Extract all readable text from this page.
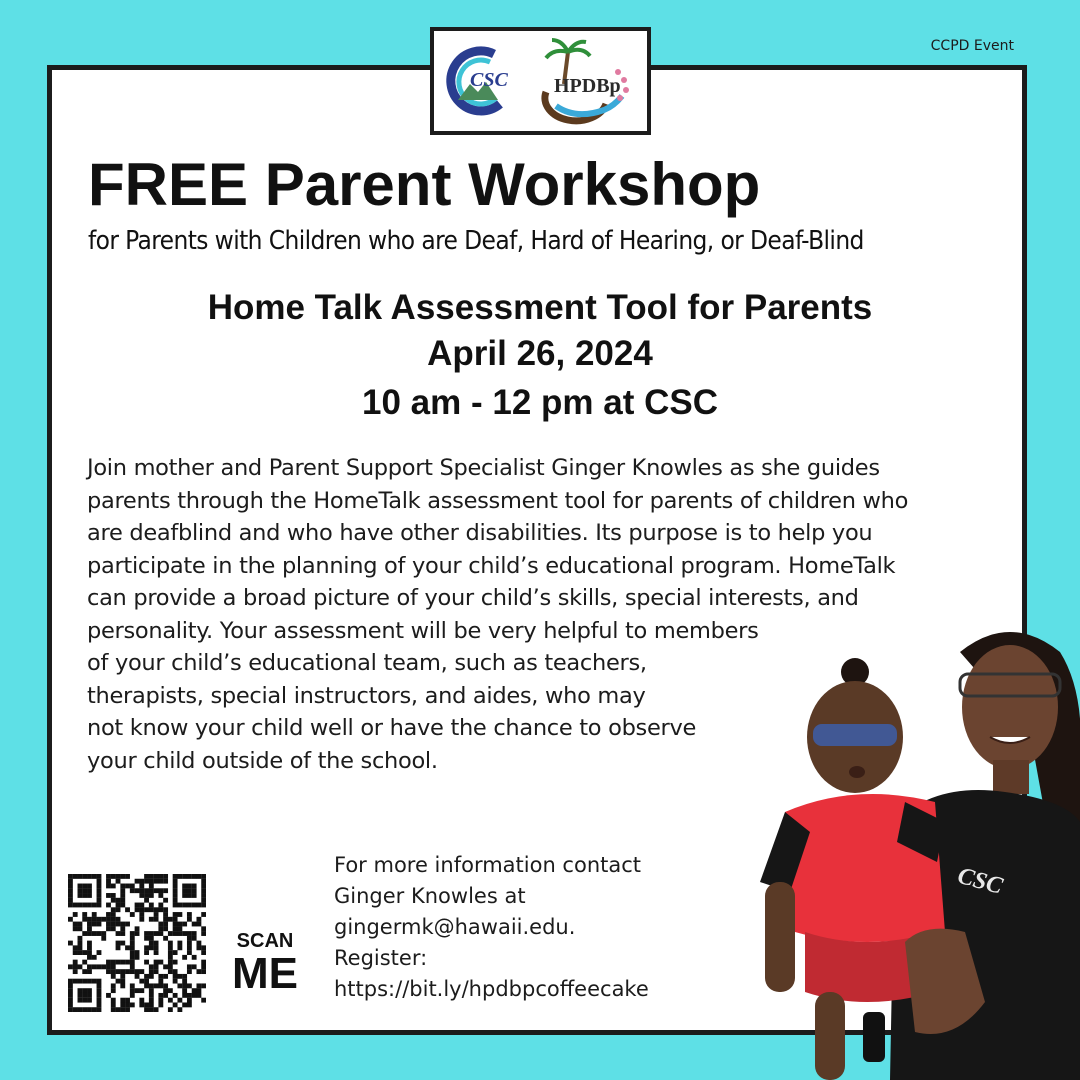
CCPD Event
CSC HPDBp
FREE Parent Workshop

for Parents with Children who are Deaf, Hard of Hearing, or Deaf-Blind

Home Talk Assessment Tool for Parents
April 26, 2024
10 am - 12 pm at CSC

Join mother and Parent Support Specialist Ginger Knowles as she guides
parents through the HomeTalk assessment tool for parents of children who
are deafblind and who have other disabilities. Its purpose is to help you
participate in the planning of your child’s educational program. HomeTalk
can provide a broad picture of your child’s skills, special interests, and
personality. Your assessment will be very helpful to members
of your child’s educational team, such as teachers,
therapists, special instructors, and aides, who may
not know your child well or have the chance to observe
your child outside of the school.

SCAN
ME
For more information contact
Ginger Knowles at
gingermk@hawaii.edu.
Register:
https://bit.ly/hpdbpcoffeecake
CSC
